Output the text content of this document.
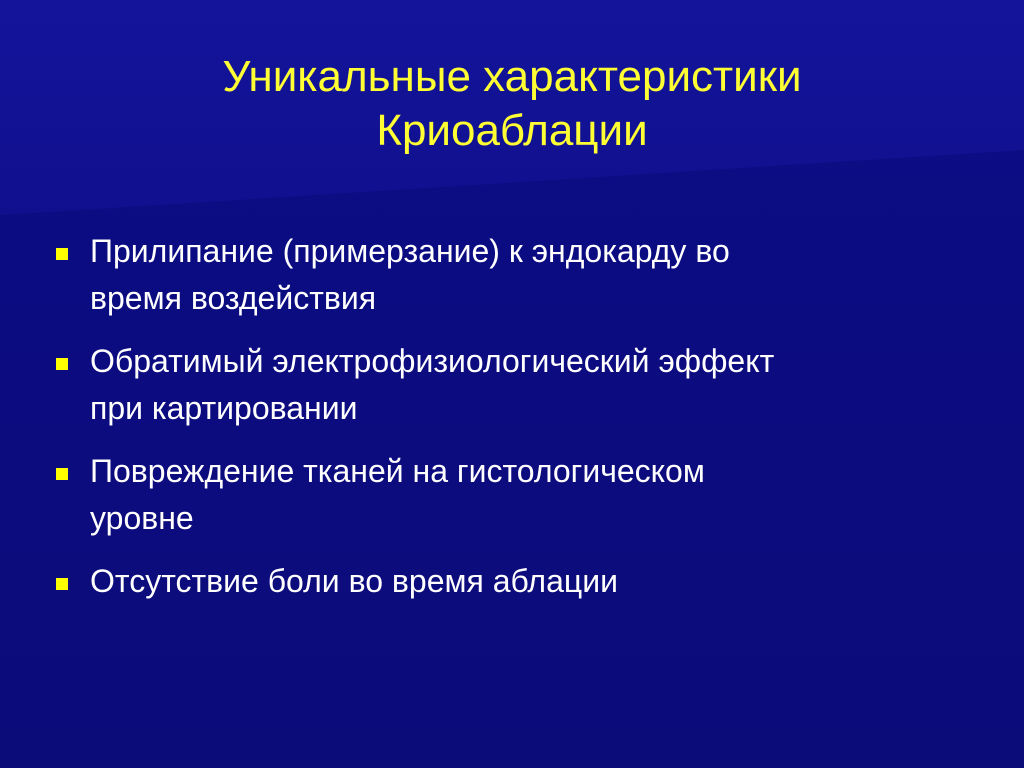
Уникальные характеристики
Криоаблации
Прилипание (примерзание) к эндокарду во
время воздействия
Обратимый электрофизиологический эффект
при картировании
Повреждение тканей на гистологическом
уровне
Отсутствие боли во время аблации
